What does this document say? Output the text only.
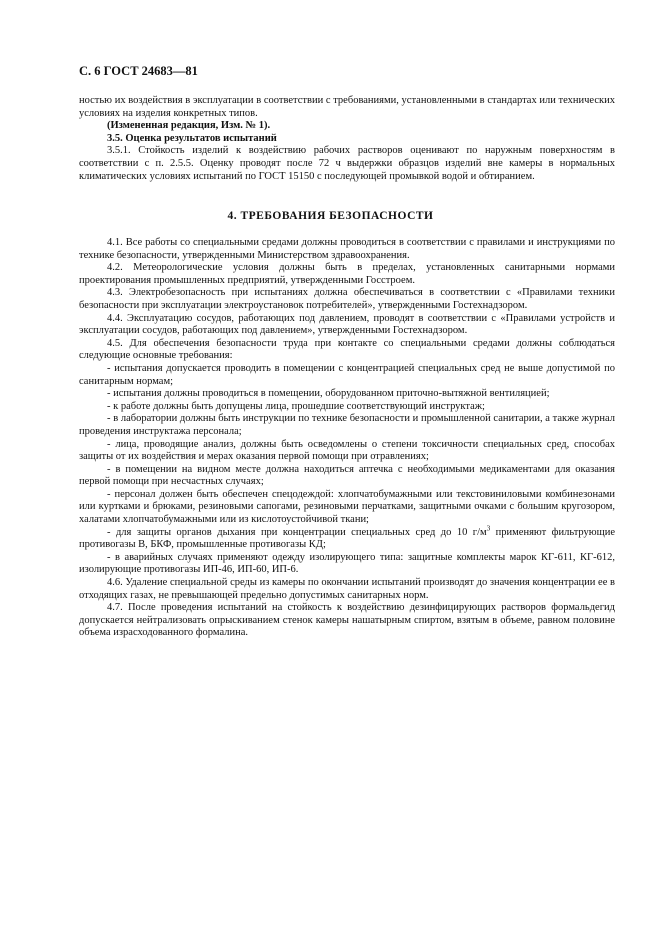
С. 6 ГОСТ 24683—81

ностью их воздействия в эксплуатации в соответствии с требованиями, установленными в стандартах или технических условиях на изделия конкретных типов.

(Измененная редакция, Изм. № 1).

3.5. Оценка результатов испытаний

3.5.1. Стойкость изделий к воздействию рабочих растворов оценивают по наружным поверхностям в соответствии с п. 2.5.5. Оценку проводят после 72 ч выдержки образцов изделий вне камеры в нормальных климатических условиях испытаний по ГОСТ 15150 с последующей промывкой водой и обтиранием.

4. ТРЕБОВАНИЯ БЕЗОПАСНОСТИ

4.1. Все работы со специальными средами должны проводиться в соответствии с правилами и инструкциями по технике безопасности, утвержденными Министерством здравоохранения.

4.2. Метеорологические условия должны быть в пределах, установленных санитарными нормами проектирования промышленных предприятий, утвержденными Госстроем.

4.3. Электробезопасность при испытаниях должна обеспечиваться в соответствии с «Правилами техники безопасности при эксплуатации электроустановок потребителей», утвержденными Гостехнадзором.

4.4. Эксплуатацию сосудов, работающих под давлением, проводят в соответствии с «Правилами устройств и эксплуатации сосудов, работающих под давлением», утвержденными Гостехнадзором.

4.5. Для обеспечения безопасности труда при контакте со специальными средами должны соблюдаться следующие основные требования:

- испытания допускается проводить в помещении с концентрацией специальных сред не выше допустимой по санитарным нормам;

- испытания должны проводиться в помещении, оборудованном приточно-вытяжной вентиляцией;

- к работе должны быть допущены лица, прошедшие соответствующий инструктаж;

- в лаборатории должны быть инструкции по технике безопасности и промышленной санитарии, а также журнал проведения инструктажа персонала;

- лица, проводящие анализ, должны быть осведомлены о степени токсичности специальных сред, способах защиты от их воздействия и мерах оказания первой помощи при отравлениях;

- в помещении на видном месте должна находиться аптечка с необходимыми медикаментами для оказания первой помощи при несчастных случаях;

- персонал должен быть обеспечен спецодеждой: хлопчатобумажными или текстовиниловыми комбинезонами или куртками и брюками, резиновыми сапогами, резиновыми перчатками, защитными очками с большим кругозором, халатами хлопчатобумажными или из кислотоустойчивой ткани;

- для защиты органов дыхания при концентрации специальных сред до 10 $г/м^3$ применяют фильтрующие противогазы В, БКФ, промышленные противогазы КД;

- в аварийных случаях применяют одежду изолирующего типа: защитные комплекты марок КГ-611, КГ-612, изолирующие противогазы ИП-46, ИП-60, ИП-6.

4.6. Удаление специальной среды из камеры по окончании испытаний производят до значения концентрации ее в отходящих газах, не превышающей предельно допустимых санитарных норм.

4.7. После проведения испытаний на стойкость к воздействию дезинфицирующих растворов формальдегид допускается нейтрализовать опрыскиванием стенок камеры нашатырным спиртом, взятым в объеме, равном половине объема израсходованного формалина.
